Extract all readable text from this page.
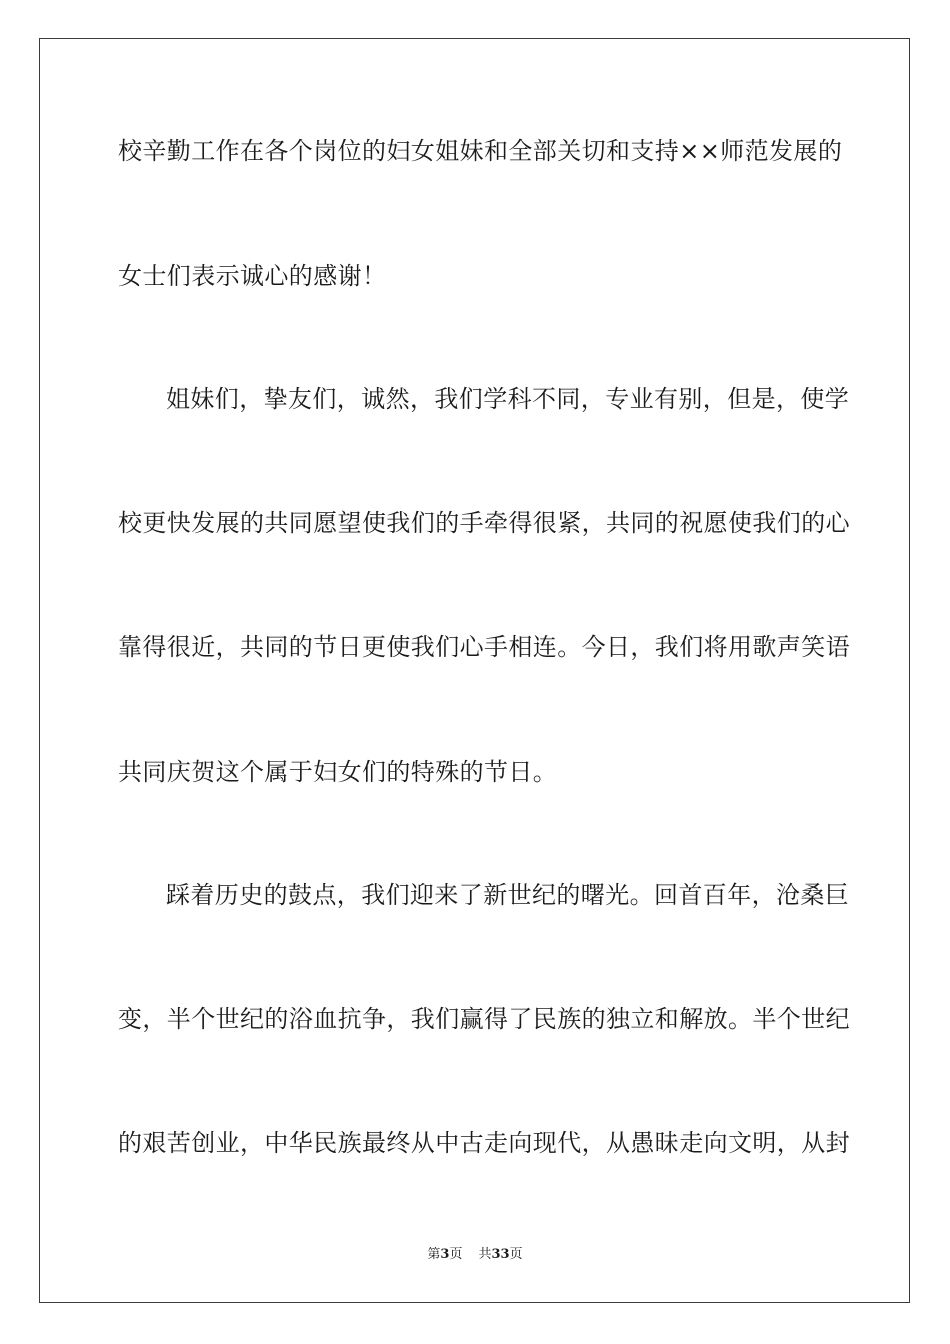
校辛勤工作在各个岗位的妇女姐妹和全部关切和支持××师范发展的
女士们表示诚心的感谢！
姐妹们，挚友们，诚然，我们学科不同，专业有别，但是，使学
校更快发展的共同愿望使我们的手牵得很紧，共同的祝愿使我们的心
靠得很近，共同的节日更使我们心手相连。今日，我们将用歌声笑语
共同庆贺这个属于妇女们的特殊的节日。
踩着历史的鼓点，我们迎来了新世纪的曙光。回首百年，沧桑巨
变，半个世纪的浴血抗争，我们赢得了民族的独立和解放。半个世纪
的艰苦创业，中华民族最终从中古走向现代，从愚昧走向文明，从封
第3页 共33页
